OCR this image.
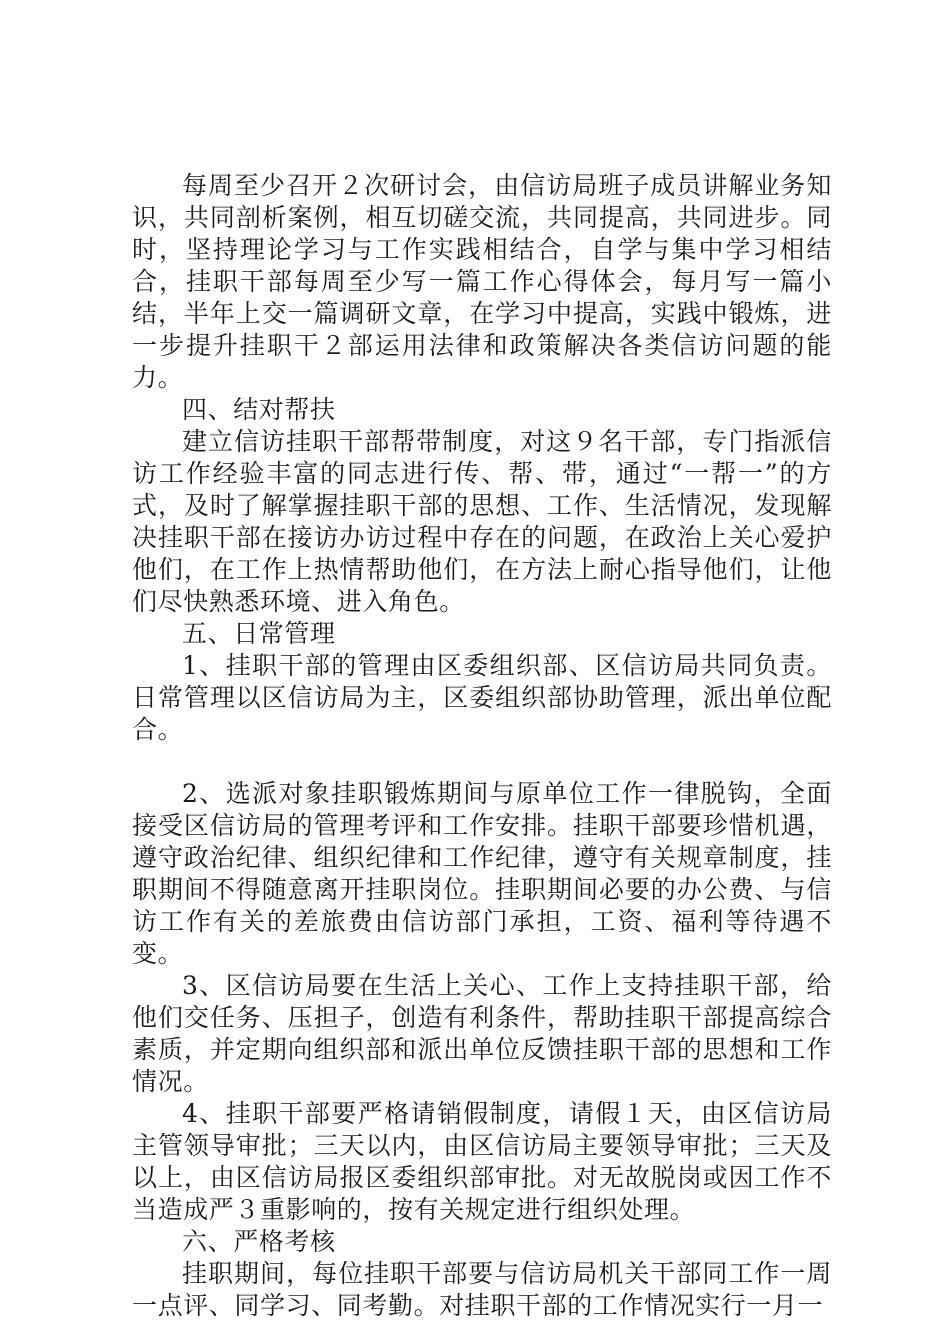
每周至少召开２次研讨会，由信访局班子成员讲解业务知识，共同剖析案例，相互切磋交流，共同提高，共同进步。同时，坚持理论学习与工作实践相结合，自学与集中学习相结合，挂职干部每周至少写一篇工作心得体会，每月写一篇小结，半年上交一篇调研文章，在学习中提高，实践中锻炼，进一步提升挂职干２部运用法律和政策解决各类信访问题的能力。

四、结对帮扶

建立信访挂职干部帮带制度，对这９名干部，专门指派信访工作经验丰富的同志进行传、帮、带，通过“一帮一”的方式，及时了解掌握挂职干部的思想、工作、生活情况，发现解决挂职干部在接访办访过程中存在的问题，在政治上关心爱护他们，在工作上热情帮助他们，在方法上耐心指导他们，让他们尽快熟悉环境、进入角色。

五、日常管理

1、挂职干部的管理由区委组织部、区信访局共同负责。日常管理以区信访局为主，区委组织部协助管理，派出单位配合。

2、选派对象挂职锻炼期间与原单位工作一律脱钩，全面接受区信访局的管理考评和工作安排。挂职干部要珍惜机遇，遵守政治纪律、组织纪律和工作纪律，遵守有关规章制度，挂职期间不得随意离开挂职岗位。挂职期间必要的办公费、与信访工作有关的差旅费由信访部门承担，工资、福利等待遇不变。

3、区信访局要在生活上关心、工作上支持挂职干部，给他们交任务、压担子，创造有利条件，帮助挂职干部提高综合素质，并定期向组织部和派出单位反馈挂职干部的思想和工作情况。

4、挂职干部要严格请销假制度，请假１天，由区信访局主管领导审批；三天以内，由区信访局主要领导审批；三天及以上，由区信访局报区委组织部审批。对无故脱岗或因工作不当造成严３重影响的，按有关规定进行组织处理。

六、严格考核

挂职期间，每位挂职干部要与信访局机关干部同工作一周一点评、同学习、同考勤。对挂职干部的工作情况实行一月一
